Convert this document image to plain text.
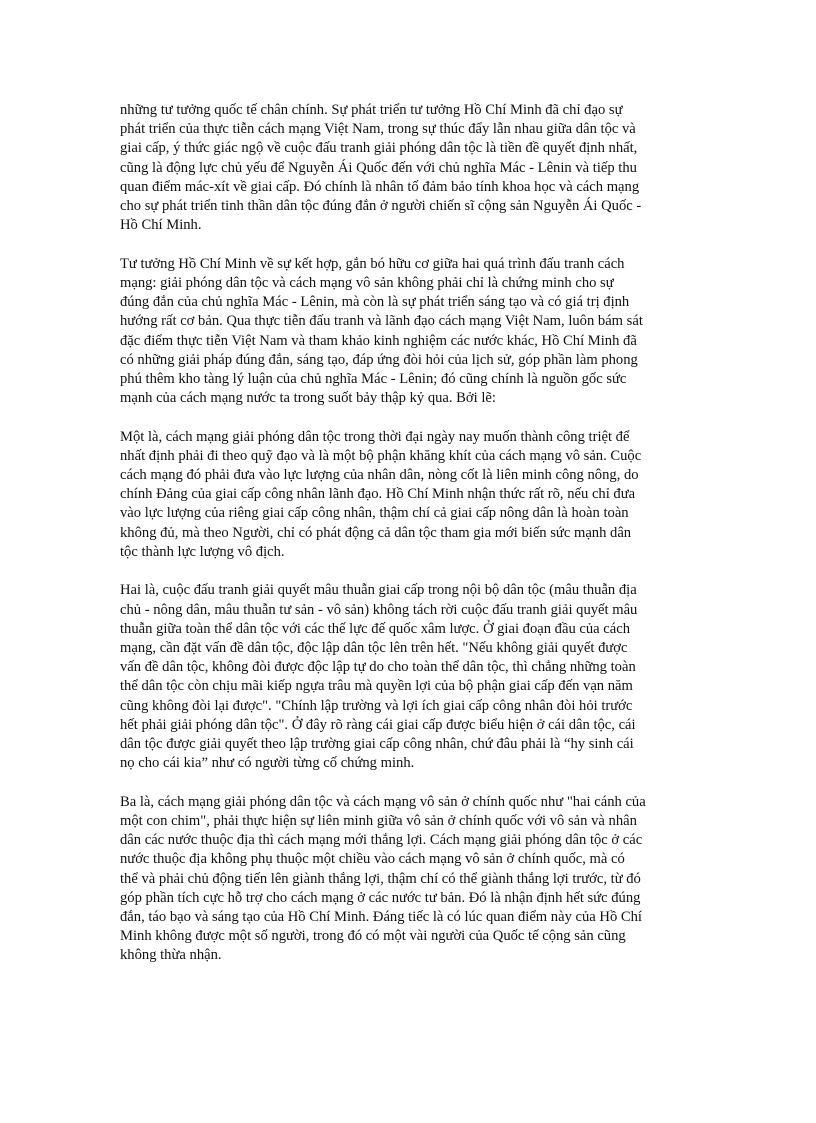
những tư tưởng quốc tế chân chính. Sự phát triển tư tưởng Hồ Chí Minh đã chỉ đạo sự
phát triển của thực tiễn cách mạng Việt Nam, trong sự thúc đẩy lẫn nhau giữa dân tộc và
giai cấp, ý thức giác ngộ về cuộc đấu tranh giải phóng dân tộc là tiền đề quyết định nhất,
cũng là động lực chủ yếu để Nguyễn Ái Quốc đến với chủ nghĩa Mác - Lênin và tiếp thu
quan điểm mác-xít về giai cấp. Đó chính là nhân tố đảm bảo tính khoa học và cách mạng
cho sự phát triển tinh thần dân tộc đúng đắn ở người chiến sĩ cộng sản Nguyễn Ái Quốc -
Hồ Chí Minh.

Tư tưởng Hồ Chí Minh về sự kết hợp, gắn bó hữu cơ giữa hai quá trình đấu tranh cách
mạng: giải phóng dân tộc và cách mạng vô sản không phải chỉ là chứng minh cho sự
đúng đắn của chủ nghĩa Mác - Lênin, mà còn là sự phát triển sáng tạo và có giá trị định
hướng rất cơ bản. Qua thực tiễn đấu tranh và lãnh đạo cách mạng Việt Nam, luôn bám sát
đặc điểm thực tiễn Việt Nam và tham khảo kinh nghiệm các nước khác, Hồ Chí Minh đã
có những giải pháp đúng đắn, sáng tạo, đáp ứng đòi hỏi của lịch sử, góp phần làm phong
phú thêm kho tàng lý luận của chủ nghĩa Mác - Lênin; đó cũng chính là nguồn gốc sức
mạnh của cách mạng nước ta trong suốt bảy thập kỷ qua. Bởi lẽ:

Một là, cách mạng giải phóng dân tộc trong thời đại ngày nay muốn thành công triệt để
nhất định phải đi theo quỹ đạo và là một bộ phận khăng khít của cách mạng vô sản. Cuộc
cách mạng đó phải đưa vào lực lượng của nhân dân, nòng cốt là liên minh công nông, do
chính Đảng của giai cấp công nhân lãnh đạo. Hồ Chí Minh nhận thức rất rõ, nếu chỉ đưa
vào lực lượng của riêng giai cấp công nhân, thậm chí cả giai cấp nông dân là hoàn toàn
không đủ, mà theo Người, chỉ có phát động cả dân tộc tham gia mới biến sức mạnh dân
tộc thành lực lượng vô địch.

Hai là, cuộc đấu tranh giải quyết mâu thuẫn giai cấp trong nội bộ dân tộc (mâu thuẫn địa
chủ - nông dân, mâu thuẫn tư sản - vô sản) không tách rời cuộc đấu tranh giải quyết mâu
thuẫn giữa toàn thể dân tộc với các thế lực đế quốc xâm lược. Ở giai đoạn đầu của cách
mạng, cần đặt vấn đề dân tộc, độc lập dân tộc lên trên hết. "Nếu không giải quyết được
vấn đề dân tộc, không đòi được độc lập tự do cho toàn thể dân tộc, thì chẳng những toàn
thể dân tộc còn chịu mãi kiếp ngựa trâu mà quyền lợi của bộ phận giai cấp đến vạn năm
cũng không đòi lại được". "Chính lập trường và lợi ích giai cấp công nhân đòi hỏi trước
hết phải giải phóng dân tộc". Ở đây rõ ràng cái giai cấp được biểu hiện ở cái dân tộc, cái
dân tộc được giải quyết theo lập trường giai cấp công nhân, chứ đâu phải là “hy sinh cái
nọ cho cái kia” như có người từng cố chứng minh.

Ba là, cách mạng giải phóng dân tộc và cách mạng vô sản ở chính quốc như "hai cánh của
một con chim", phải thực hiện sự liên minh giữa vô sản ở chính quốc với vô sản và nhân
dân các nước thuộc địa thì cách mạng mới thắng lợi. Cách mạng giải phóng dân tộc ở các
nước thuộc địa không phụ thuộc một chiều vào cách mạng vô sản ở chính quốc, mà có
thể và phải chủ động tiến lên giành thắng lợi, thậm chí có thể giành thắng lợi trước, từ đó
góp phần tích cực hỗ trợ cho cách mạng ở các nước tư bản. Đó là nhận định hết sức đúng
đắn, táo bạo và sáng tạo của Hồ Chí Minh. Đáng tiếc là có lúc quan điểm này của Hồ Chí
Minh không được một số người, trong đó có một vài người của Quốc tế cộng sản cũng
không thừa nhận.
